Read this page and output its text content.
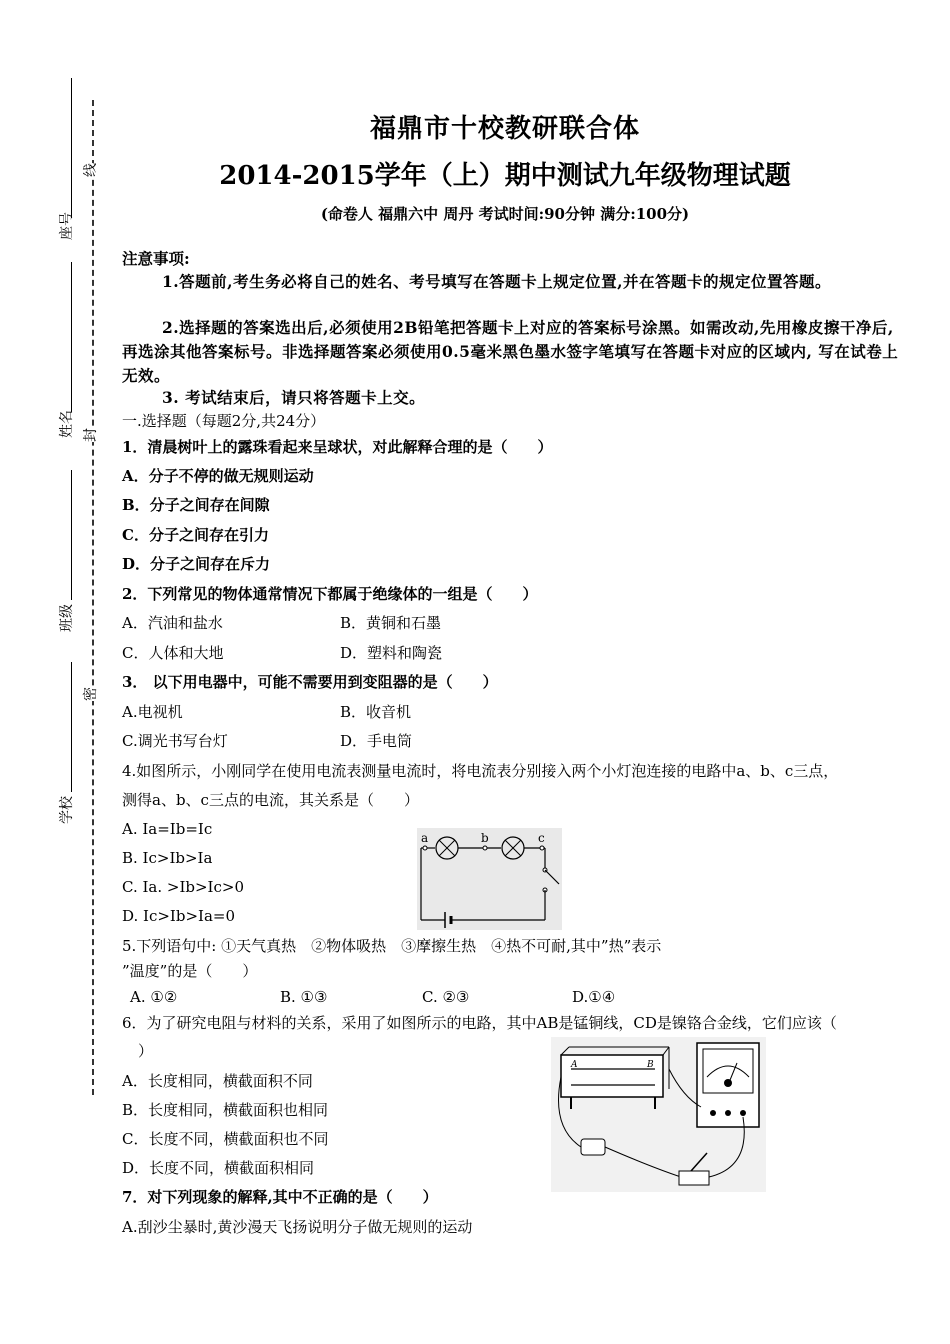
座号
姓名
班级
学校
线
封
密
福鼎市十校教研联合体
2014-2015学年（上）期中测试九年级物理试题
(命卷人 福鼎六中 周丹 考试时间:90分钟 满分:100分)
注意事项:
1.答题前,考生务必将自己的姓名、考号填写在答题卡上规定位置,并在答题卡的规定位置答题。
2.选择题的答案选出后,必须使用2B铅笔把答题卡上对应的答案标号涂黑。如需改动,先用橡皮擦干净后,再选涂其他答案标号。非选择题答案必须使用0.5毫米黑色墨水签字笔填写在答题卡对应的区域内, 写在试卷上无效。
3. 考试结束后，请只将答题卡上交。
一.选择题（每题2分,共24分）
1．清晨树叶上的露珠看起来呈球状，对此解释合理的是（　　）
A．分子不停的做无规则运动
B．分子之间存在间隙
C．分子之间存在引力
D．分子之间存在斥力
2．下列常见的物体通常情况下都属于绝缘体的一组是（　　）
A．汽油和盐水	B．黄铜和石墨
C．人体和大地	D．塑料和陶瓷
3． 以下用电器中，可能不需要用到变阻器的是（　　）
A.电视机	B．收音机
C.调光书写台灯	D．手电筒
4.如图所示，小刚同学在使用电流表测量电流时，将电流表分别接入两个小灯泡连接的电路中a、b、c三点，
测得a、b、c三点的电流，其关系是（　　）
A. Ia=Ib=Ic
B. Ic>Ib>Ia
C. Ia. >Ib>Ic>0
D. Ic>Ib>Ia=0
a	b	c
5.下列语句中: ①天气真热　②物体吸热　③摩擦生热　④热不可耐,其中”热”表示
”温度”的是（　　）
A. ①②	B. ①③	C. ②③	D.①④
6．为了研究电阻与材料的关系，采用了如图所示的电路，其中AB是锰铜线，CD是镍铬合金线，它们应该（
）
A．长度相同，横截面积不同
B．长度相同，横截面积也相同
C．长度不同，横截面积也不同
D．长度不同，横截面积相同
A	B
7．对下列现象的解释,其中不正确的是（　　）
A.刮沙尘暴时,黄沙漫天飞扬说明分子做无规则的运动
